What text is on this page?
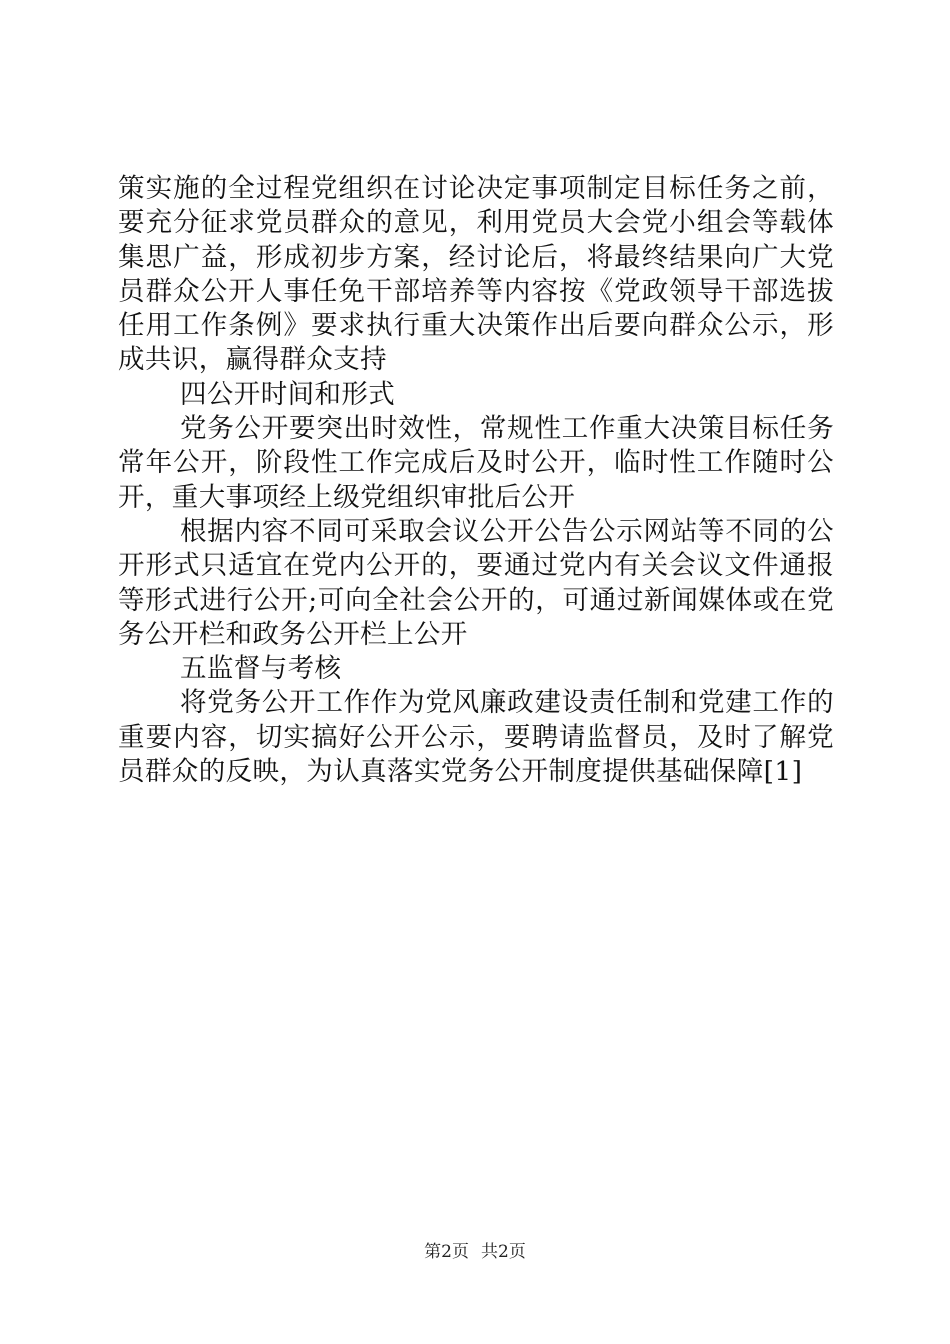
策实施的全过程党组织在讨论决定事项制定目标任务之前，要充分征求党员群众的意见，利用党员大会党小组会等载体集思广益，形成初步方案，经讨论后，将最终结果向广大党员群众公开人事任免干部培养等内容按《党政领导干部选拔任用工作条例》要求执行重大决策作出后要向群众公示，形成共识，赢得群众支持

四公开时间和形式

党务公开要突出时效性，常规性工作重大决策目标任务常年公开，阶段性工作完成后及时公开，临时性工作随时公开，重大事项经上级党组织审批后公开

根据内容不同可采取会议公开公告公示网站等不同的公开形式只适宜在党内公开的，要通过党内有关会议文件通报等形式进行公开;可向全社会公开的，可通过新闻媒体或在党务公开栏和政务公开栏上公开

五监督与考核

将党务公开工作作为党风廉政建设责任制和党建工作的重要内容，切实搞好公开公示，要聘请监督员，及时了解党员群众的反映，为认真落实党务公开制度提供基础保障[1]

第2页 共2页
